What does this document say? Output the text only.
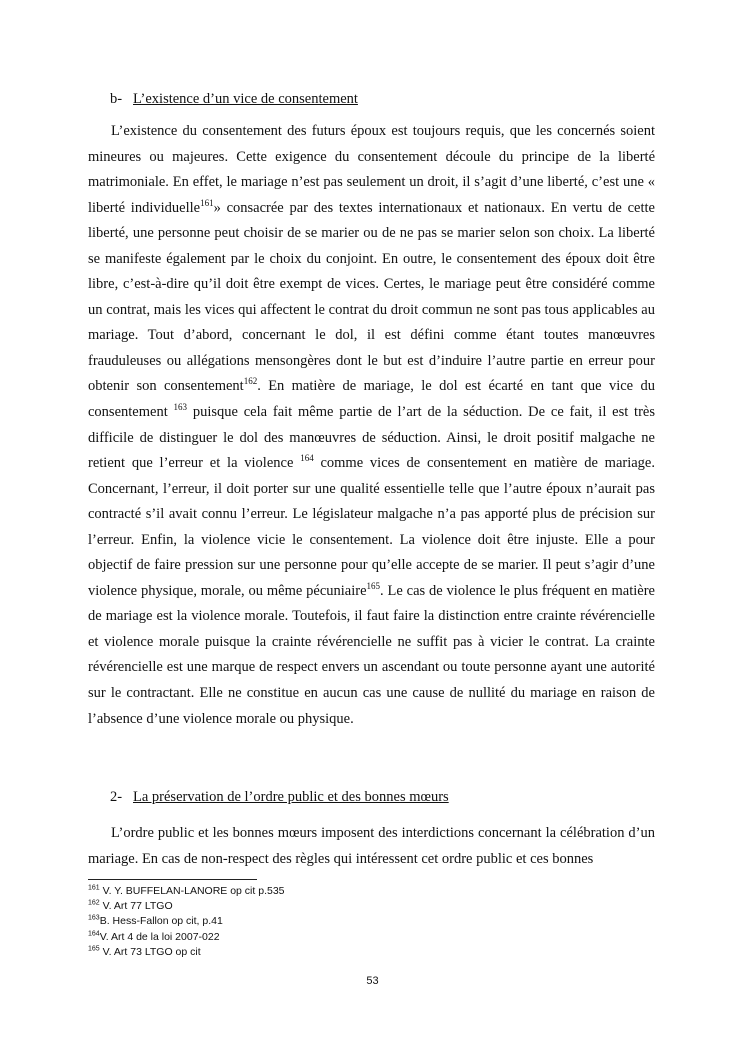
b- L’existence d’un vice de consentement

L’existence du consentement des futurs époux est toujours requis, que les concernés soient mineures ou majeures. Cette exigence du consentement découle du principe de la liberté matrimoniale. En effet, le mariage n’est pas seulement un droit, il s’agit d’une liberté, c’est une « liberté individuelle$^{161}$» consacrée par des textes internationaux et nationaux. En vertu de cette liberté, une personne peut choisir de se marier ou de ne pas se marier selon son choix. La liberté se manifeste également par le choix du conjoint. En outre, le consentement des époux doit être libre, c’est-à-dire qu’il doit être exempt de vices. Certes, le mariage peut être considéré comme un contrat, mais les vices qui affectent le contrat du droit commun ne sont pas tous applicables au mariage. Tout d’abord, concernant le dol, il est défini comme étant toutes manœuvres frauduleuses ou allégations mensongères dont le but est d’induire l’autre partie en erreur pour obtenir son consentement$^{162}$. En matière de mariage, le dol est écarté en tant que vice du consentement $^{163}$ puisque cela fait même partie de l’art de la séduction. De ce fait, il est très difficile de distinguer le dol des manœuvres de séduction. Ainsi, le droit positif malgache ne retient que l’erreur et la violence $^{164}$ comme vices de consentement en matière de mariage. Concernant, l’erreur, il doit porter sur une qualité essentielle telle que l’autre époux n’aurait pas contracté s’il avait connu l’erreur. Le législateur malgache n’a pas apporté plus de précision sur l’erreur. Enfin, la violence vicie le consentement. La violence doit être injuste. Elle a pour objectif de faire pression sur une personne pour qu’elle accepte de se marier. Il peut s’agir d’une violence physique, morale, ou même pécuniaire$^{165}$. Le cas de violence le plus fréquent en matière de mariage est la violence morale. Toutefois, il faut faire la distinction entre crainte révérencielle et violence morale puisque la crainte révérencielle ne suffit pas à vicier le contrat. La crainte révérencielle est une marque de respect envers un ascendant ou toute personne ayant une autorité sur le contractant. Elle ne constitue en aucun cas une cause de nullité du mariage en raison de l’absence d’une violence morale ou physique.

2- La préservation de l’ordre public et des bonnes mœurs

L’ordre public et les bonnes mœurs imposent des interdictions concernant la célébration d’un mariage. En cas de non-respect des règles qui intéressent cet ordre public et ces bonnes

$^{161}$ V. Y. BUFFELAN-LANORE op cit p.535
$^{162}$ V. Art 77 LTGO
$^{163}$B. Hess-Fallon op cit, p.41
$^{164}$V. Art 4 de la loi 2007-022
$^{165}$ V. Art 73 LTGO op cit
53
